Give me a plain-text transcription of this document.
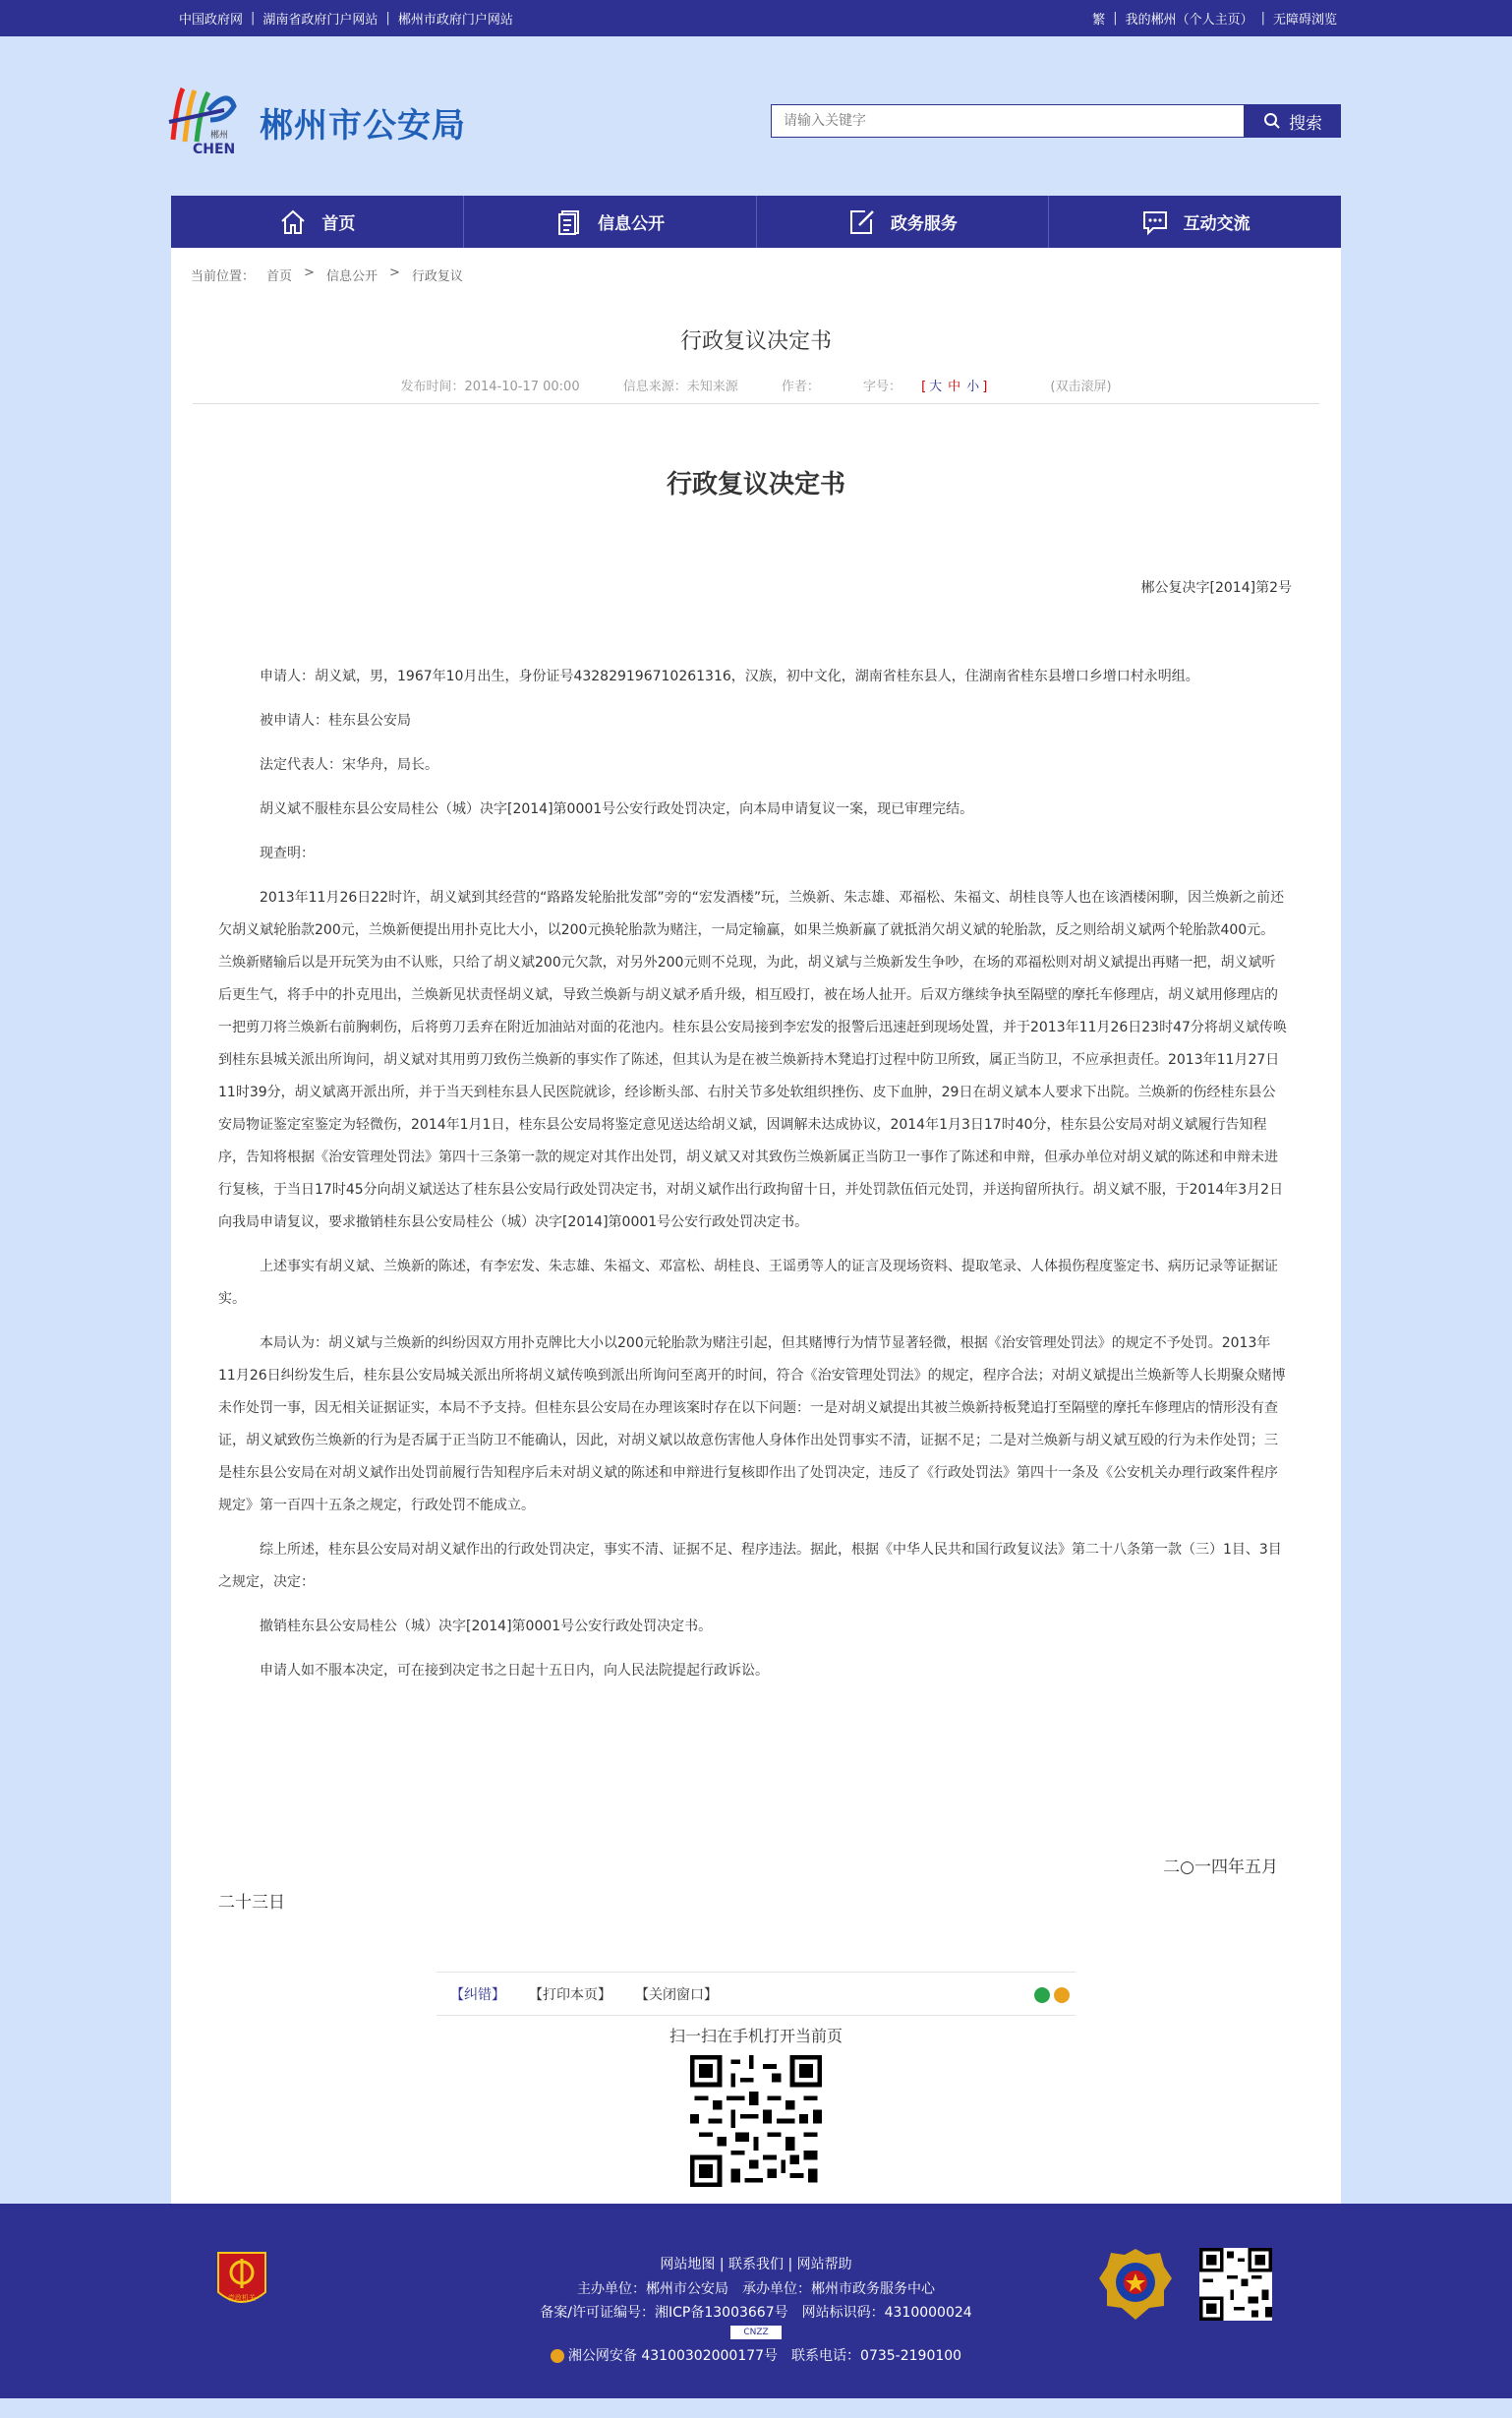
中国政府网 | 湖南省政府门户网站 | 郴州市政府门户网站	繁 | 我的郴州（个人主页） | 无障碍浏览
郴州
CHEN
郴州市公安局
请输入关键字	搜索
首页	信息公开	政务服务	互动交流
当前位置： 首页 > 信息公开 > 行政复议
行政复议决定书
发布时间：2014-10-17 00:00	信息来源：未知来源	作者：	字号： [ 大 中 小 ]	(双击滚屏)
行政复议决定书
郴公复决字[2014]第2号

申请人：胡义斌，男，1967年10月出生，身份证号432829196710261316，汉族，初中文化，湖南省桂东县人，住湖南省桂东县增口乡增口村永明组。

被申请人：桂东县公安局

法定代表人：宋华舟，局长。

胡义斌不服桂东县公安局桂公（城）决字[2014]第0001号公安行政处罚决定，向本局申请复议一案，现已审理完结。

现查明：

2013年11月26日22时许，胡义斌到其经营的“路路发轮胎批发部”旁的“宏发酒楼”玩，兰焕新、朱志雄、邓福松、朱福文、胡桂良等人也在该酒楼闲聊，因兰焕新之前还欠胡义斌轮胎款200元，兰焕新便提出用扑克比大小，以200元换轮胎款为赌注，一局定输赢，如果兰焕新赢了就抵消欠胡义斌的轮胎款，反之则给胡义斌两个轮胎款400元。兰焕新赌输后以是开玩笑为由不认账，只给了胡义斌200元欠款，对另外200元则不兑现，为此，胡义斌与兰焕新发生争吵，在场的邓福松则对胡义斌提出再赌一把，胡义斌听后更生气，将手中的扑克甩出，兰焕新见状责怪胡义斌，导致兰焕新与胡义斌矛盾升级，相互殴打，被在场人扯开。后双方继续争执至隔壁的摩托车修理店，胡义斌用修理店的一把剪刀将兰焕新右前胸刺伤，后将剪刀丢弃在附近加油站对面的花池内。桂东县公安局接到李宏发的报警后迅速赶到现场处置，并于2013年11月26日23时47分将胡义斌传唤到桂东县城关派出所询问，胡义斌对其用剪刀致伤兰焕新的事实作了陈述，但其认为是在被兰焕新持木凳追打过程中防卫所致，属正当防卫，不应承担责任。2013年11月27日11时39分，胡义斌离开派出所，并于当天到桂东县人民医院就诊，经诊断头部、右肘关节多处软组织挫伤、皮下血肿，29日在胡义斌本人要求下出院。兰焕新的伤经桂东县公安局物证鉴定室鉴定为轻微伤，2014年1月1日，桂东县公安局将鉴定意见送达给胡义斌，因调解未达成协议，2014年1月3日17时40分，桂东县公安局对胡义斌履行告知程序，告知将根据《治安管理处罚法》第四十三条第一款的规定对其作出处罚，胡义斌又对其致伤兰焕新属正当防卫一事作了陈述和申辩，但承办单位对胡义斌的陈述和申辩未进行复核，于当日17时45分向胡义斌送达了桂东县公安局行政处罚决定书，对胡义斌作出行政拘留十日，并处罚款伍佰元处罚，并送拘留所执行。胡义斌不服，于2014年3月2日向我局申请复议，要求撤销桂东县公安局桂公（城）决字[2014]第0001号公安行政处罚决定书。

上述事实有胡义斌、兰焕新的陈述，有李宏发、朱志雄、朱福文、邓富松、胡桂良、王谣勇等人的证言及现场资料、提取笔录、人体损伤程度鉴定书、病历记录等证据证实。

本局认为：胡义斌与兰焕新的纠纷因双方用扑克牌比大小以200元轮胎款为赌注引起，但其赌博行为情节显著轻微，根据《治安管理处罚法》的规定不予处罚。2013年11月26日纠纷发生后，桂东县公安局城关派出所将胡义斌传唤到派出所询问至离开的时间，符合《治安管理处罚法》的规定，程序合法；对胡义斌提出兰焕新等人长期聚众赌博未作处罚一事，因无相关证据证实，本局不予支持。但桂东县公安局在办理该案时存在以下问题：一是对胡义斌提出其被兰焕新持板凳追打至隔壁的摩托车修理店的情形没有查证，胡义斌致伤兰焕新的行为是否属于正当防卫不能确认，因此，对胡义斌以故意伤害他人身体作出处罚事实不清，证据不足；二是对兰焕新与胡义斌互殴的行为未作处罚；三是桂东县公安局在对胡义斌作出处罚前履行告知程序后未对胡义斌的陈述和申辩进行复核即作出了处罚决定，违反了《行政处罚法》第四十一条及《公安机关办理行政案件程序规定》第一百四十五条之规定，行政处罚不能成立。

综上所述，桂东县公安局对胡义斌作出的行政处罚决定，事实不清、证据不足、程序违法。据此，根据《中华人民共和国行政复议法》第二十八条第一款（三）1目、3目之规定，决定：

撤销桂东县公安局桂公（城）决字[2014]第0001号公安行政处罚决定书。

申请人如不服本决定，可在接到决定书之日起十五日内，向人民法院提起行政诉讼。

二○一四年五月
二十三日
【纠错】 【打印本页】 【关闭窗口】
扫一扫在手机打开当前页
党政机关
网站地图 | 联系我们 | 网站帮助
主办单位：郴州市公安局　承办单位：郴州市政务服务中心
备案/许可证编号：湘ICP备13003667号　网站标识码：4310000024
CNZZ
湘公网安备 43100302000177号　联系电话：0735-2190100
